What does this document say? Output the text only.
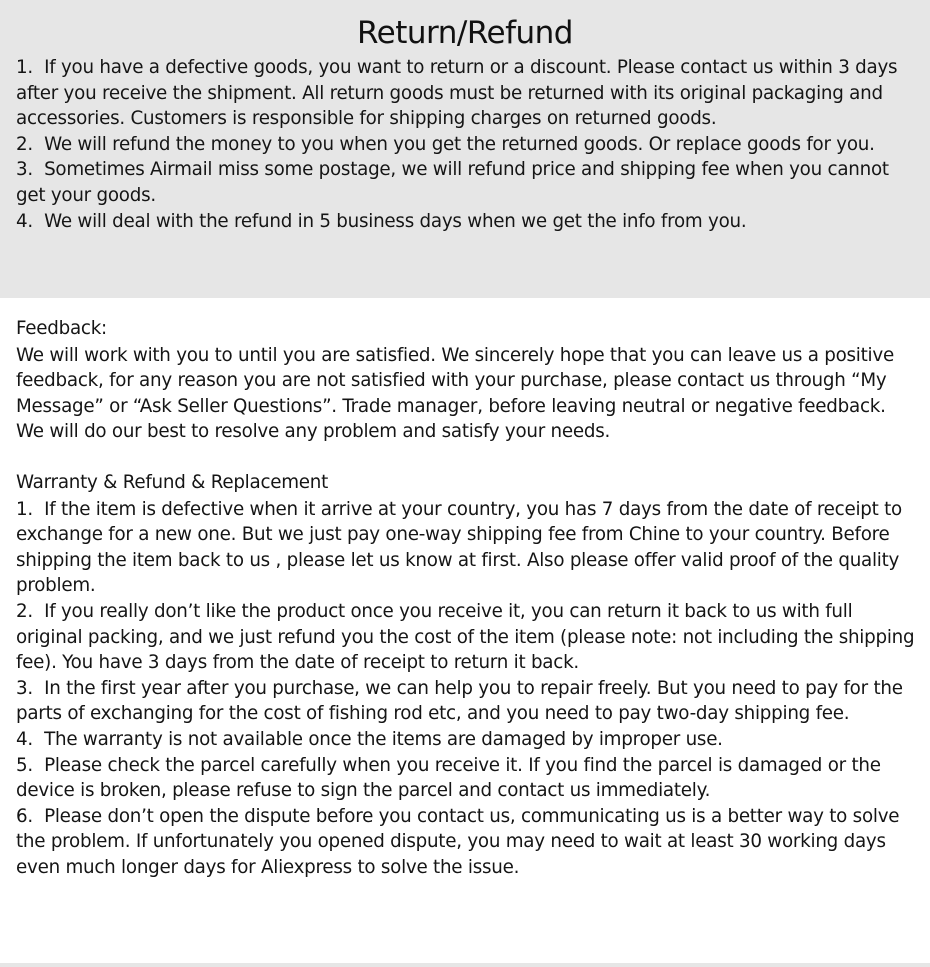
Return/Refund
1. If you have a defective goods, you want to return or a discount. Please contact us within 3 days after you receive the shipment. All return goods must be returned with its original packaging and accessories. Customers is responsible for shipping charges on returned goods.
2. We will refund the money to you when you get the returned goods. Or replace goods for you.
3. Sometimes Airmail miss some postage, we will refund price and shipping fee when you cannot get your goods.
4. We will deal with the refund in 5 business days when we get the info from you.
Feedback:
We will work with you to until you are satisfied. We sincerely hope that you can leave us a positive feedback, for any reason you are not satisfied with your purchase, please contact us through “My Message” or “Ask Seller Questions”. Trade manager, before leaving neutral or negative feedback. We will do our best to resolve any problem and satisfy your needs.
Warranty & Refund & Replacement
1. If the item is defective when it arrive at your country, you has 7 days from the date of receipt to exchange for a new one. But we just pay one-way shipping fee from Chine to your country. Before shipping the item back to us , please let us know at first. Also please offer valid proof of the quality problem.
2. If you really don’t like the product once you receive it, you can return it back to us with full original packing, and we just refund you the cost of the item (please note: not including the shipping fee). You have 3 days from the date of receipt to return it back.
3. In the first year after you purchase, we can help you to repair freely. But you need to pay for the parts of exchanging for the cost of fishing rod etc, and you need to pay two-day shipping fee.
4. The warranty is not available once the items are damaged by improper use.
5. Please check the parcel carefully when you receive it. If you find the parcel is damaged or the device is broken, please refuse to sign the parcel and contact us immediately.
6. Please don’t open the dispute before you contact us, communicating us is a better way to solve the problem. If unfortunately you opened dispute, you may need to wait at least 30 working days even much longer days for Aliexpress to solve the issue.
